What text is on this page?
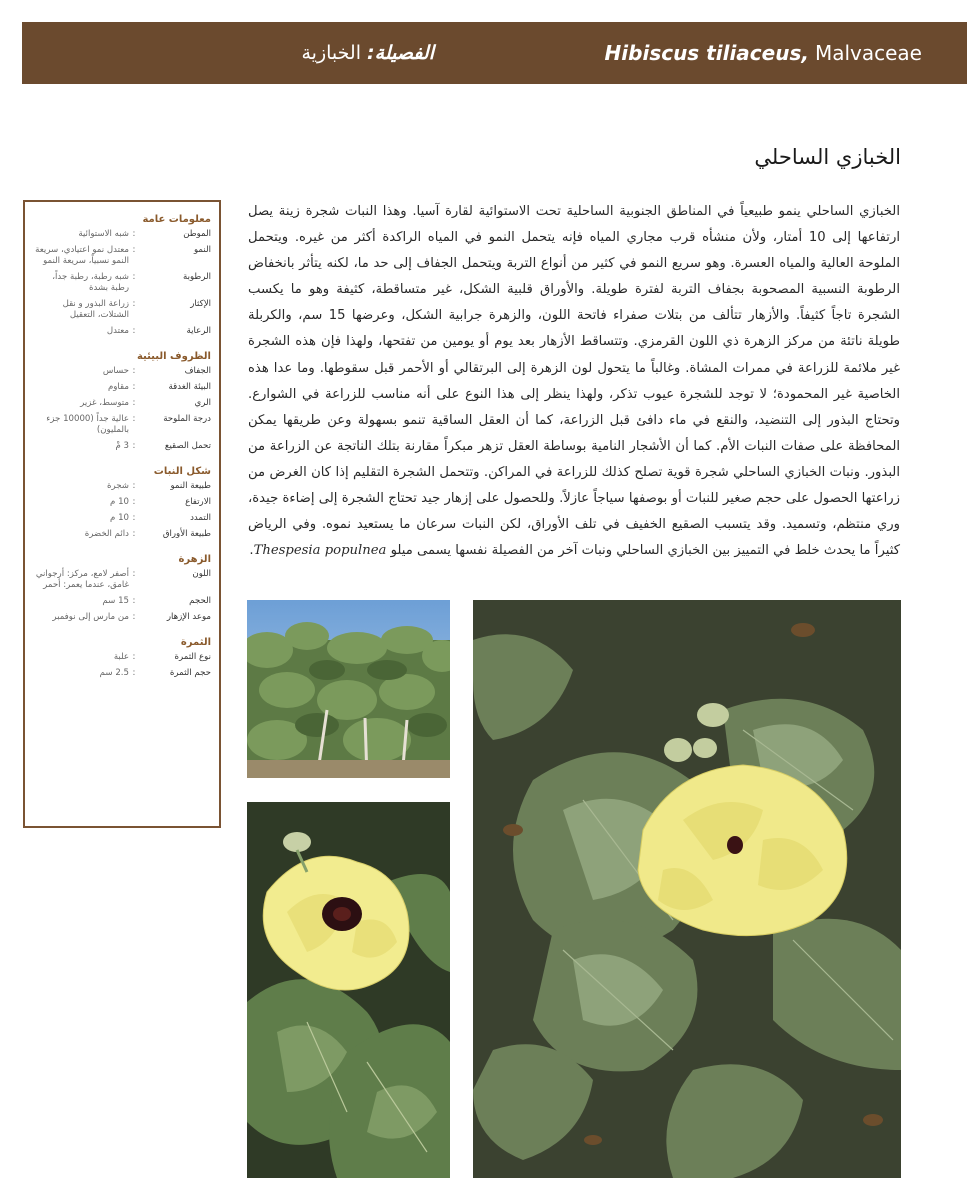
Hibiscus tiliaceus, Malvaceae
الفصيلة:

الخبازية
الخبازي الساحلي

الخبازي الساحلي ينمو طبيعياً في المناطق الجنوبية الساحلية تحت الاستوائية لقارة آسيا. وهذا النبات شجرة زينة يصل ارتفاعها إلى 10 أمتار، ولأن منشأه قرب مجاري المياه فإنه يتحمل النمو في المياه الراكدة أكثر من غيره. ويتحمل الملوحة العالية والمياه العسرة. وهو سريع النمو في كثير من أنواع التربة ويتحمل الجفاف إلى حد ما، لكنه يتأثر بانخفاض الرطوبة النسبية المصحوبة بجفاف التربة لفترة طويلة. والأوراق قلبية الشكل، غير متساقطة، كثيفة وهو ما يكسب الشجرة تاجاً كثيفاً. والأزهار تتألف من بتلات صفراء فاتحة اللون، والزهرة جرابية الشكل، وعرضها 15 سم، والكربلة طويلة ناتئة من مركز الزهرة ذي اللون القرمزي. وتتساقط الأزهار بعد يوم أو يومين من تفتحها، ولهذا فإن هذه الشجرة غير ملائمة للزراعة في ممرات المشاة. وغالباً ما يتحول لون الزهرة إلى البرتقالي أو الأحمر قبل سقوطها. وما عدا هذه الخاصية غير المحمودة؛ لا توجد للشجرة عيوب تذكر، ولهذا ينظر إلى هذا النوع على أنه مناسب للزراعة في الشوارع. وتحتاج البذور إلى التنضيد، والنقع في ماء دافئ قبل الزراعة، كما أن العقل الساقية تنمو بسهولة وعن طريقها يمكن المحافظة على صفات النبات الأم. كما أن الأشجار النامية بوساطة العقل تزهر مبكراً مقارنة بتلك الناتجة عن الزراعة من البذور. ونبات الخبازي الساحلي شجرة قوية تصلح كذلك للزراعة في المراكن. وتتحمل الشجرة التقليم إذا كان الغرض من زراعتها الحصول على حجم صغير للنبات أو بوصفها سياجاً عازلاً. وللحصول على إزهار جيد تحتاج الشجرة إلى إضاءة جيدة، وري منتظم، وتسميد. وقد يتسبب الصقيع الخفيف في تلف الأوراق، لكن النبات سرعان ما يستعيد نموه. وفي الرياض كثيراً ما يحدث خلط في التمييز بين الخبازي الساحلي ونبات آخر من الفصيلة نفسها يسمى ميلو Thespesia populnea.

معلومات عامة
الموطن
:
شبه الاستوائية
النمو
:
معتدل نمو اعتيادي، سريعة النمو نسبياً، سريعة النمو
الرطوبة
:
شبه رطبة، رطبة جداً، رطبة بشدة
الإكثار
:
زراعة البذور و نقل الشتلات، التعقيل
الرعاية
:
معتدل
الظروف البيئية
الجفاف
:
حساس
البيئة الغدقة
:
مقاوم
الري
:
متوسط، غزير
درجة الملوحة
:
عالية جداً (10000 جزء بالمليون)
تحمل الصقيع
:
3 مْ
شكل النبات
طبيعة النمو
:
شجرة
الارتفاع
:
10 م
التمدد
:
10 م
طبيعة الأوراق
:
دائم الخضرة
الزهرة
اللون
:
أصفر لامع، مركز: أرجواني غامق، عندما يعمر: أحمر
الحجم
:
15 سم
موعد الإزهار
:
من مارس إلى نوفمبر
الثمرة
نوع الثمرة
:
علبة
حجم الثمرة
:
2.5 سم
